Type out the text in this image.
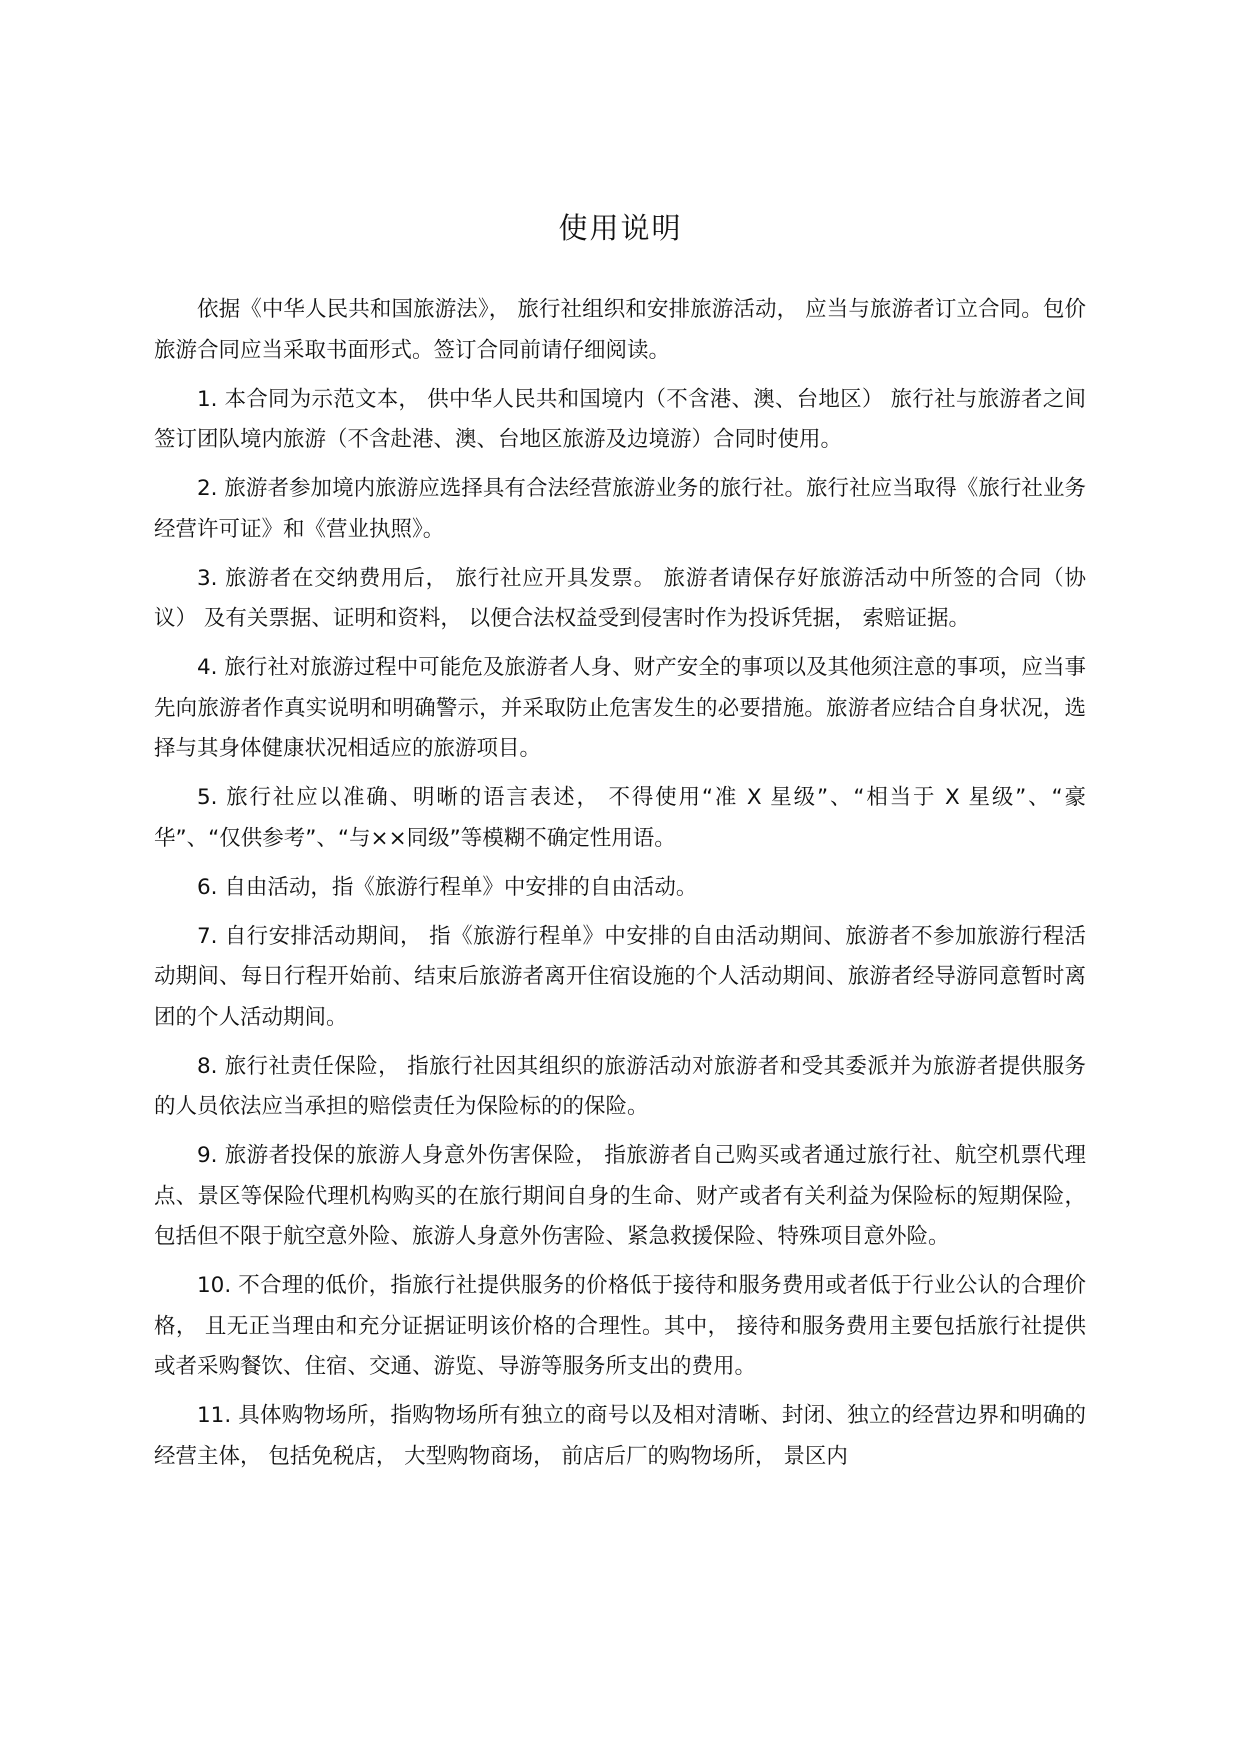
使用说明

依据《中华人民共和国旅游法》， 旅行社组织和安排旅游活动， 应当与旅游者订立合同。包价旅游合同应当采取书面形式。签订合同前请仔细阅读。

1. 本合同为示范文本， 供中华人民共和国境内（不含港、澳、台地区） 旅行社与旅游者之间签订团队境内旅游（不含赴港、澳、台地区旅游及边境游）合同时使用。

2. 旅游者参加境内旅游应选择具有合法经营旅游业务的旅行社。旅行社应当取得《旅行社业务经营许可证》和《营业执照》。

3. 旅游者在交纳费用后， 旅行社应开具发票。 旅游者请保存好旅游活动中所签的合同（协议） 及有关票据、证明和资料， 以便合法权益受到侵害时作为投诉凭据， 索赔证据。

4. 旅行社对旅游过程中可能危及旅游者人身、财产安全的事项以及其他须注意的事项，应当事先向旅游者作真实说明和明确警示，并采取防止危害发生的必要措施。旅游者应结合自身状况，选择与其身体健康状况相适应的旅游项目。

5. 旅行社应以准确、明晰的语言表述， 不得使用“准 X 星级”、“相当于 X 星级”、“豪华”、“仅供参考”、“与××同级”等模糊不确定性用语。

6. 自由活动，指《旅游行程单》中安排的自由活动。

7. 自行安排活动期间， 指《旅游行程单》中安排的自由活动期间、旅游者不参加旅游行程活动期间、每日行程开始前、结束后旅游者离开住宿设施的个人活动期间、旅游者经导游同意暂时离团的个人活动期间。

8. 旅行社责任保险， 指旅行社因其组织的旅游活动对旅游者和受其委派并为旅游者提供服务的人员依法应当承担的赔偿责任为保险标的的保险。

9. 旅游者投保的旅游人身意外伤害保险， 指旅游者自己购买或者通过旅行社、航空机票代理点、景区等保险代理机构购买的在旅行期间自身的生命、财产或者有关利益为保险标的短期保险， 包括但不限于航空意外险、旅游人身意外伤害险、紧急救援保险、特殊项目意外险。

10. 不合理的低价，指旅行社提供服务的价格低于接待和服务费用或者低于行业公认的合理价格， 且无正当理由和充分证据证明该价格的合理性。其中， 接待和服务费用主要包括旅行社提供或者采购餐饮、住宿、交通、游览、导游等服务所支出的费用。

11. 具体购物场所，指购物场所有独立的商号以及相对清晰、封闭、独立的经营边界和明确的经营主体， 包括免税店， 大型购物商场， 前店后厂的购物场所， 景区内
